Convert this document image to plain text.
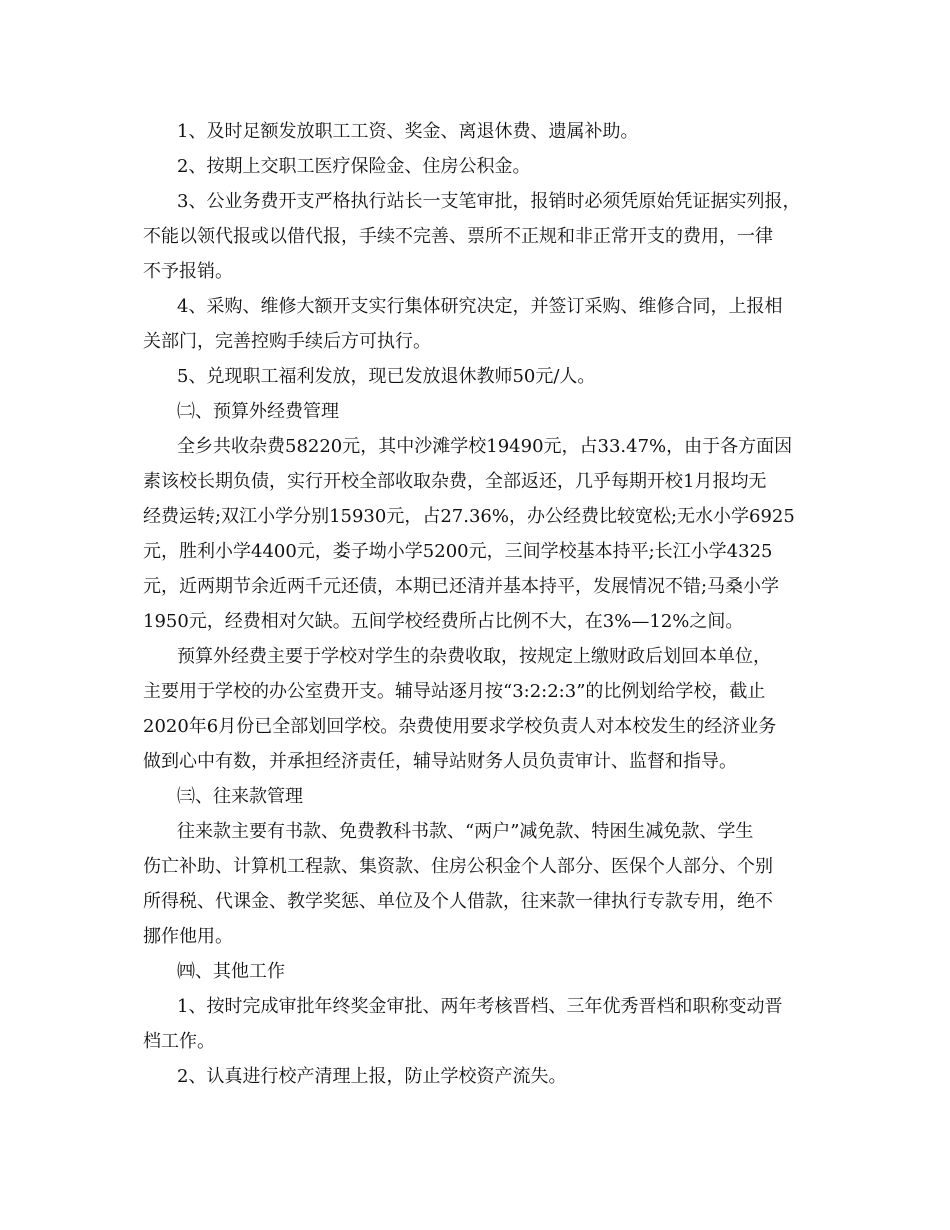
1、及时足额发放职工工资、奖金、离退休费、遗属补助。
2、按期上交职工医疗保险金、住房公积金。
3、公业务费开支严格执行站长一支笔审批，报销时必须凭原始凭证据实列报，
不能以领代报或以借代报，手续不完善、票所不正规和非正常开支的费用，一律
不予报销。
4、采购、维修大额开支实行集体研究决定，并签订采购、维修合同，上报相
关部门，完善控购手续后方可执行。
5、兑现职工福利发放，现已发放退休教师50元/人。
㈡、预算外经费管理
全乡共收杂费58220元，其中沙滩学校19490元，占33.47%，由于各方面因
素该校长期负债，实行开校全部收取杂费，全部返还，几乎每期开校1月报均无
经费运转;双江小学分别15930元，占27.36%，办公经费比较宽松;无水小学6925
元，胜利小学4400元，娄子坳小学5200元，三间学校基本持平;长江小学4325
元，近两期节余近两千元还债，本期已还清并基本持平，发展情况不错;马桑小学
1950元，经费相对欠缺。五间学校经费所占比例不大，在3%—12%之间。
预算外经费主要于学校对学生的杂费收取，按规定上缴财政后划回本单位，
主要用于学校的办公室费开支。辅导站逐月按“3:2:2:3”的比例划给学校，截止
2020年6月份已全部划回学校。杂费使用要求学校负责人对本校发生的经济业务
做到心中有数，并承担经济责任，辅导站财务人员负责审计、监督和指导。
㈢、往来款管理
往来款主要有书款、免费教科书款、“两户”减免款、特困生减免款、学生
伤亡补助、计算机工程款、集资款、住房公积金个人部分、医保个人部分、个别
所得税、代课金、教学奖惩、单位及个人借款，往来款一律执行专款专用，绝不
挪作他用。
㈣、其他工作
1、按时完成审批年终奖金审批、两年考核晋档、三年优秀晋档和职称变动晋
档工作。
2、认真进行校产清理上报，防止学校资产流失。
